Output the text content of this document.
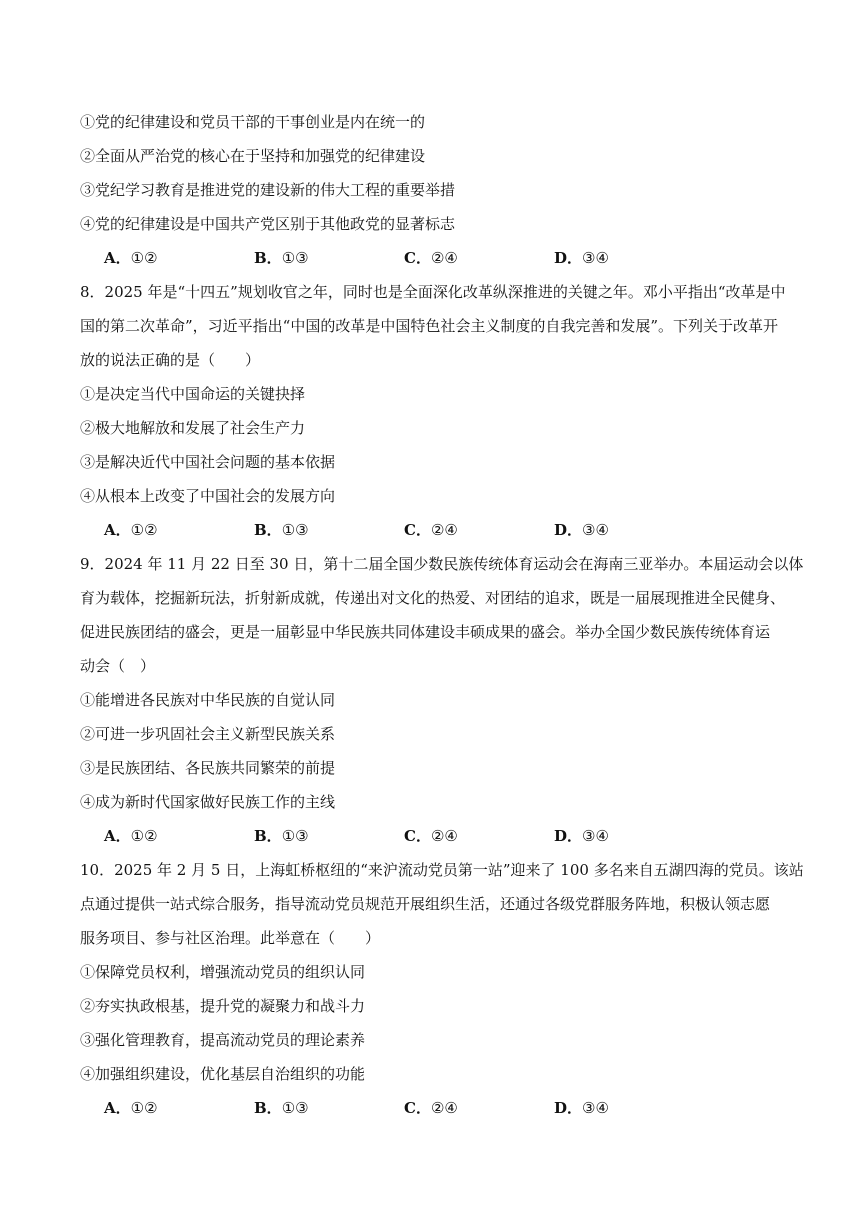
①党的纪律建设和党员干部的干事创业是内在统一的
②全面从严治党的核心在于坚持和加强党的纪律建设
③党纪学习教育是推进党的建设新的伟大工程的重要举措
④党的纪律建设是中国共产党区别于其他政党的显著标志
A．①②	B．①③	C．②④	D．③④
8．2025 年是“十四五”规划收官之年，同时也是全面深化改革纵深推进的关键之年。邓小平指出“改革是中
国的第二次革命”，习近平指出“中国的改革是中国特色社会主义制度的自我完善和发展”。下列关于改革开
放的说法正确的是（　　）
①是决定当代中国命运的关键抉择
②极大地解放和发展了社会生产力
③是解决近代中国社会问题的基本依据
④从根本上改变了中国社会的发展方向
A．①②	B．①③	C．②④	D．③④
9．2024 年 11 月 22 日至 30 日，第十二届全国少数民族传统体育运动会在海南三亚举办。本届运动会以体
育为载体，挖掘新玩法，折射新成就，传递出对文化的热爱、对团结的追求，既是一届展现推进全民健身、
促进民族团结的盛会，更是一届彰显中华民族共同体建设丰硕成果的盛会。举办全国少数民族传统体育运
动会（　）
①能增进各民族对中华民族的自觉认同
②可进一步巩固社会主义新型民族关系
③是民族团结、各民族共同繁荣的前提
④成为新时代国家做好民族工作的主线
A．①②	B．①③	C．②④	D．③④
10．2025 年 2 月 5 日，上海虹桥枢纽的“来沪流动党员第一站”迎来了 100 多名来自五湖四海的党员。该站
点通过提供一站式综合服务，指导流动党员规范开展组织生活，还通过各级党群服务阵地，积极认领志愿
服务项目、参与社区治理。此举意在（　　）
①保障党员权利，增强流动党员的组织认同
②夯实执政根基，提升党的凝聚力和战斗力
③强化管理教育，提高流动党员的理论素养
④加强组织建设，优化基层自治组织的功能
A．①②	B．①③	C．②④	D．③④
